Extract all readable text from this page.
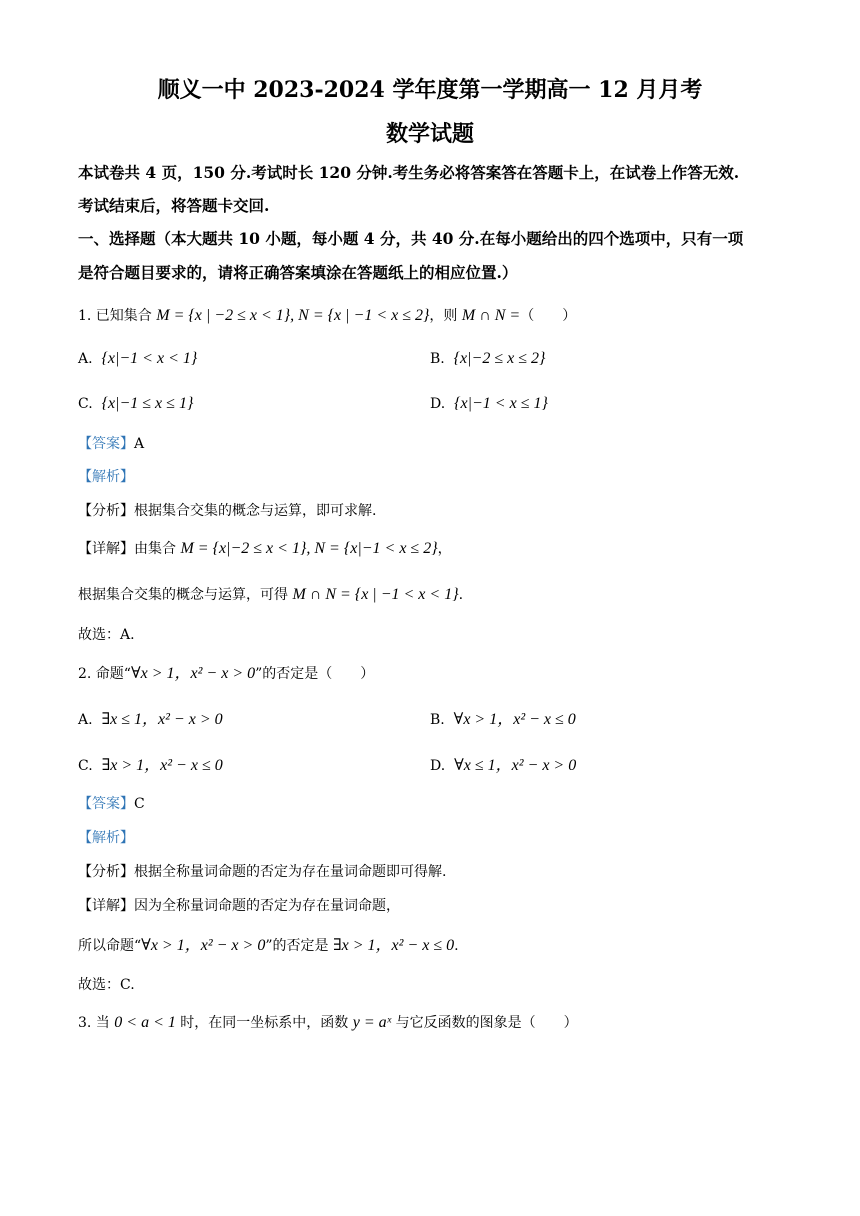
顺义一中 2023-2024 学年度第一学期高一 12 月月考
数学试题
本试卷共 4 页，150 分.考试时长 120 分钟.考生务必将答案答在答题卡上，在试卷上作答无效.
考试结束后，将答题卡交回.
一、选择题（本大题共 10 小题，每小题 4 分，共 40 分.在每小题给出的四个选项中，只有一项
是符合题目要求的，请将正确答案填涂在答题纸上的相应位置.）
1. 已知集合 M = {x | −2 ≤ x < 1}, N = {x | −1 < x ≤ 2}，则 M ∩ N =（　　）
A. {x|−1 < x < 1}	B. {x|−2 ≤ x ≤ 2}
C. {x|−1 ≤ x ≤ 1}	D. {x|−1 < x ≤ 1}
【答案】A
【解析】
【分析】根据集合交集的概念与运算，即可求解.
【详解】由集合 M = {x|−2 ≤ x < 1}, N = {x|−1 < x ≤ 2}，
根据集合交集的概念与运算，可得 M ∩ N = {x | −1 < x < 1}.
故选：A.
2. 命题“∀x > 1，x² − x > 0”的否定是（　　）
A. ∃x ≤ 1，x² − x > 0	B. ∀x > 1，x² − x ≤ 0
C. ∃x > 1，x² − x ≤ 0	D. ∀x ≤ 1，x² − x > 0
【答案】C
【解析】
【分析】根据全称量词命题的否定为存在量词命题即可得解.
【详解】因为全称量词命题的否定为存在量词命题，
所以命题“∀x > 1，x² − x > 0”的否定是 ∃x > 1，x² − x ≤ 0.
故选：C.
3. 当 0 < a < 1 时，在同一坐标系中，函数 y = aˣ 与它反函数的图象是（　　）
